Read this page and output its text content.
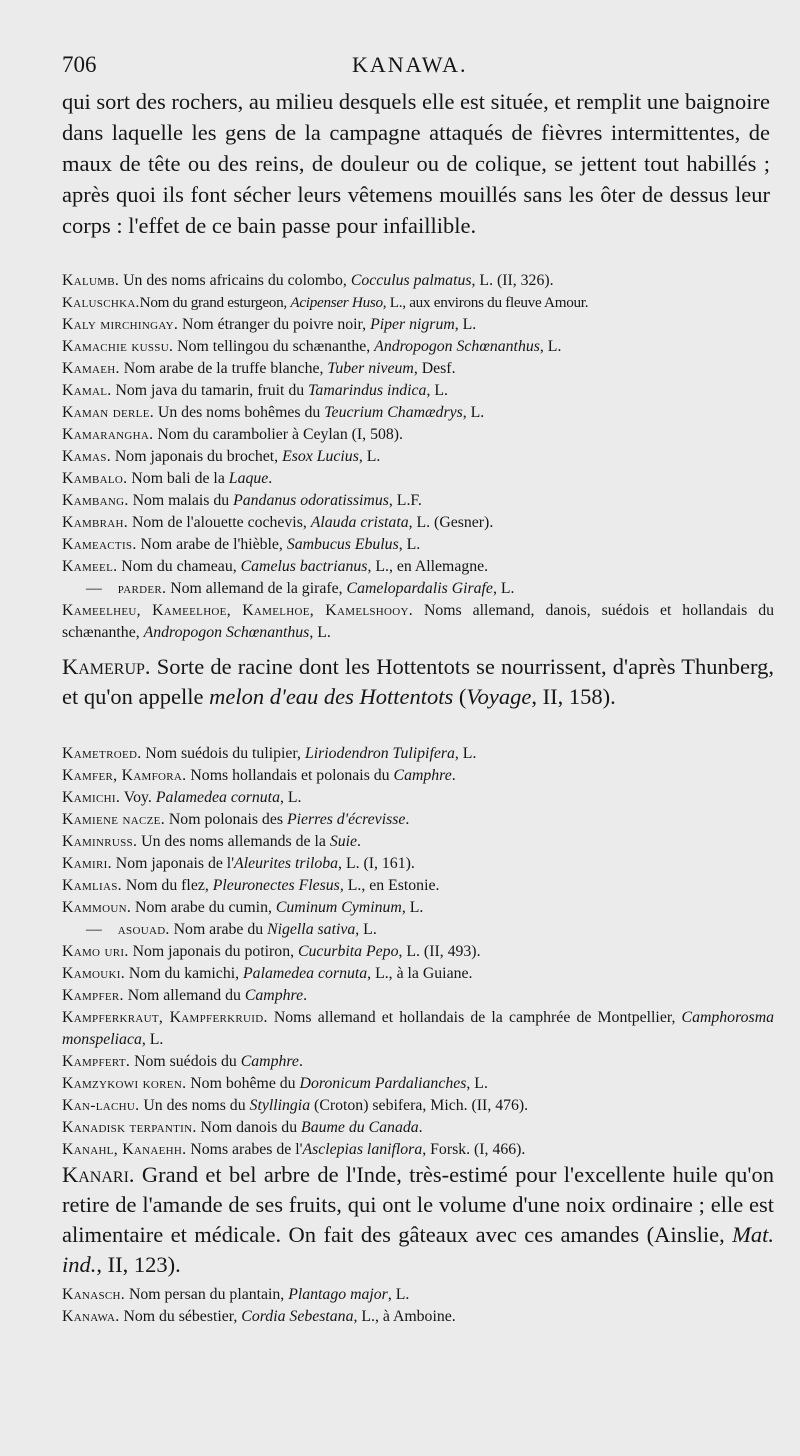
706	KANAWA.
qui sort des rochers, au milieu desquels elle est située, et remplit une baignoire dans laquelle les gens de la campagne attaqués de fièvres intermittentes, de maux de tête ou des reins, de douleur ou de colique, se jettent tout habillés ; après quoi ils font sécher leurs vêtemens mouillés sans les ôter de dessus leur corps : l'effet de ce bain passe pour infaillible.
Kalumb. Un des noms africains du colombo, Cocculus palmatus, L. (II, 326).
Kaluschka.Nom du grand esturgeon, Acipenser Huso, L., aux environs du fleuve Amour.
Kaly mirchingay. Nom étranger du poivre noir, Piper nigrum, L.
Kamachie kussu. Nom tellingou du schænanthe, Andropogon Schœnanthus, L.
Kamaeh. Nom arabe de la truffe blanche, Tuber niveum, Desf.
Kamal. Nom java du tamarin, fruit du Tamarindus indica, L.
Kaman derle. Un des noms bohêmes du Teucrium Chamædrys, L.
Kamarangha. Nom du carambolier à Ceylan (I, 508).
Kamas. Nom japonais du brochet, Esox Lucius, L.
Kambalo. Nom bali de la Laque.
Kambang. Nom malais du Pandanus odoratissimus, L.F.
Kambrah. Nom de l'alouette cochevis, Alauda cristata, L. (Gesner).
Kameactis. Nom arabe de l'hièble, Sambucus Ebulus, L.
Kameel. Nom du chameau, Camelus bactrianus, L., en Allemagne.
— parder. Nom allemand de la girafe, Camelopardalis Girafe, L.
Kameelheu, Kameelhoe, Kamelhoe, Kamelshooy. Noms allemand, danois, suédois et hollandais du schænanthe, Andropogon Schœnanthus, L.
Kamerup. Sorte de racine dont les Hottentots se nourrissent, d'après Thunberg, et qu'on appelle melon d'eau des Hottentots (Voyage, II, 158).
Kametroed. Nom suédois du tulipier, Liriodendron Tulipifera, L.
Kamfer, Kamfora. Noms hollandais et polonais du Camphre.
Kamichi. Voy. Palamedea cornuta, L.
Kamiene nacze. Nom polonais des Pierres d'écrevisse.
Kaminruss. Un des noms allemands de la Suie.
Kamiri. Nom japonais de l'Aleurites triloba, L. (I, 161).
Kamlias. Nom du flez, Pleuronectes Flesus, L., en Estonie.
Kammoun. Nom arabe du cumin, Cuminum Cyminum, L.
— asouad. Nom arabe du Nigella sativa, L.
Kamo uri. Nom japonais du potiron, Cucurbita Pepo, L. (II, 493).
Kamouki. Nom du kamichi, Palamedea cornuta, L., à la Guiane.
Kampfer. Nom allemand du Camphre.
Kampferkraut, Kampferkruid. Noms allemand et hollandais de la camphrée de Montpellier, Camphorosma monspeliaca, L.
Kampfert. Nom suédois du Camphre.
Kamzykowi koren. Nom bohême du Doronicum Pardalianches, L.
Kan-lachu. Un des noms du Styllingia (Croton) sebifera, Mich. (II, 476).
Kanadisk terpantin. Nom danois du Baume du Canada.
Kanahl, Kanaehh. Noms arabes de l'Asclepias laniflora, Forsk. (I, 466).
Kanari. Grand et bel arbre de l'Inde, très-estimé pour l'excellente huile qu'on retire de l'amande de ses fruits, qui ont le volume d'une noix ordinaire ; elle est alimentaire et médicale. On fait des gâteaux avec ces amandes (Ainslie, Mat. ind., II, 123).
Kanasch. Nom persan du plantain, Plantago major, L.
Kanawa. Nom du sébestier, Cordia Sebestana, L., à Amboine.
